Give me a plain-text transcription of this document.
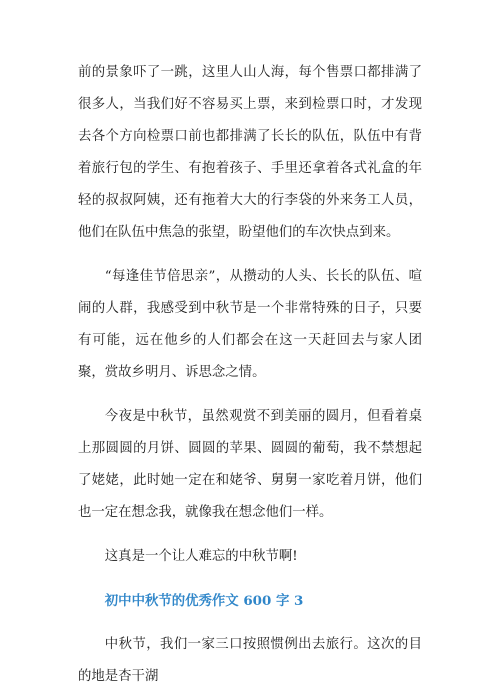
前的景象吓了一跳，这里人山人海，每个售票口都排满了很多人，当我们好不容易买上票，来到检票口时，才发现去各个方向检票口前也都排满了长长的队伍，队伍中有背着旅行包的学生、有抱着孩子、手里还拿着各式礼盒的年轻的叔叔阿姨，还有拖着大大的行李袋的外来务工人员，他们在队伍中焦急的张望，盼望他们的车次快点到来。

“每逢佳节倍思亲”，从攒动的人头、长长的队伍、喧闹的人群，我感受到中秋节是一个非常特殊的日子，只要有可能，远在他乡的人们都会在这一天赶回去与家人团聚，赏故乡明月、诉思念之情。

今夜是中秋节，虽然观赏不到美丽的圆月，但看着桌上那圆圆的月饼、圆圆的苹果、圆圆的葡萄，我不禁想起了姥姥，此时她一定在和姥爷、舅舅一家吃着月饼，他们也一定在想念我，就像我在想念他们一样。

这真是一个让人难忘的中秋节啊!

初中中秋节的优秀作文 600 字 3

中秋节，我们一家三口按照惯例出去旅行。这次的目的地是杏干湖
